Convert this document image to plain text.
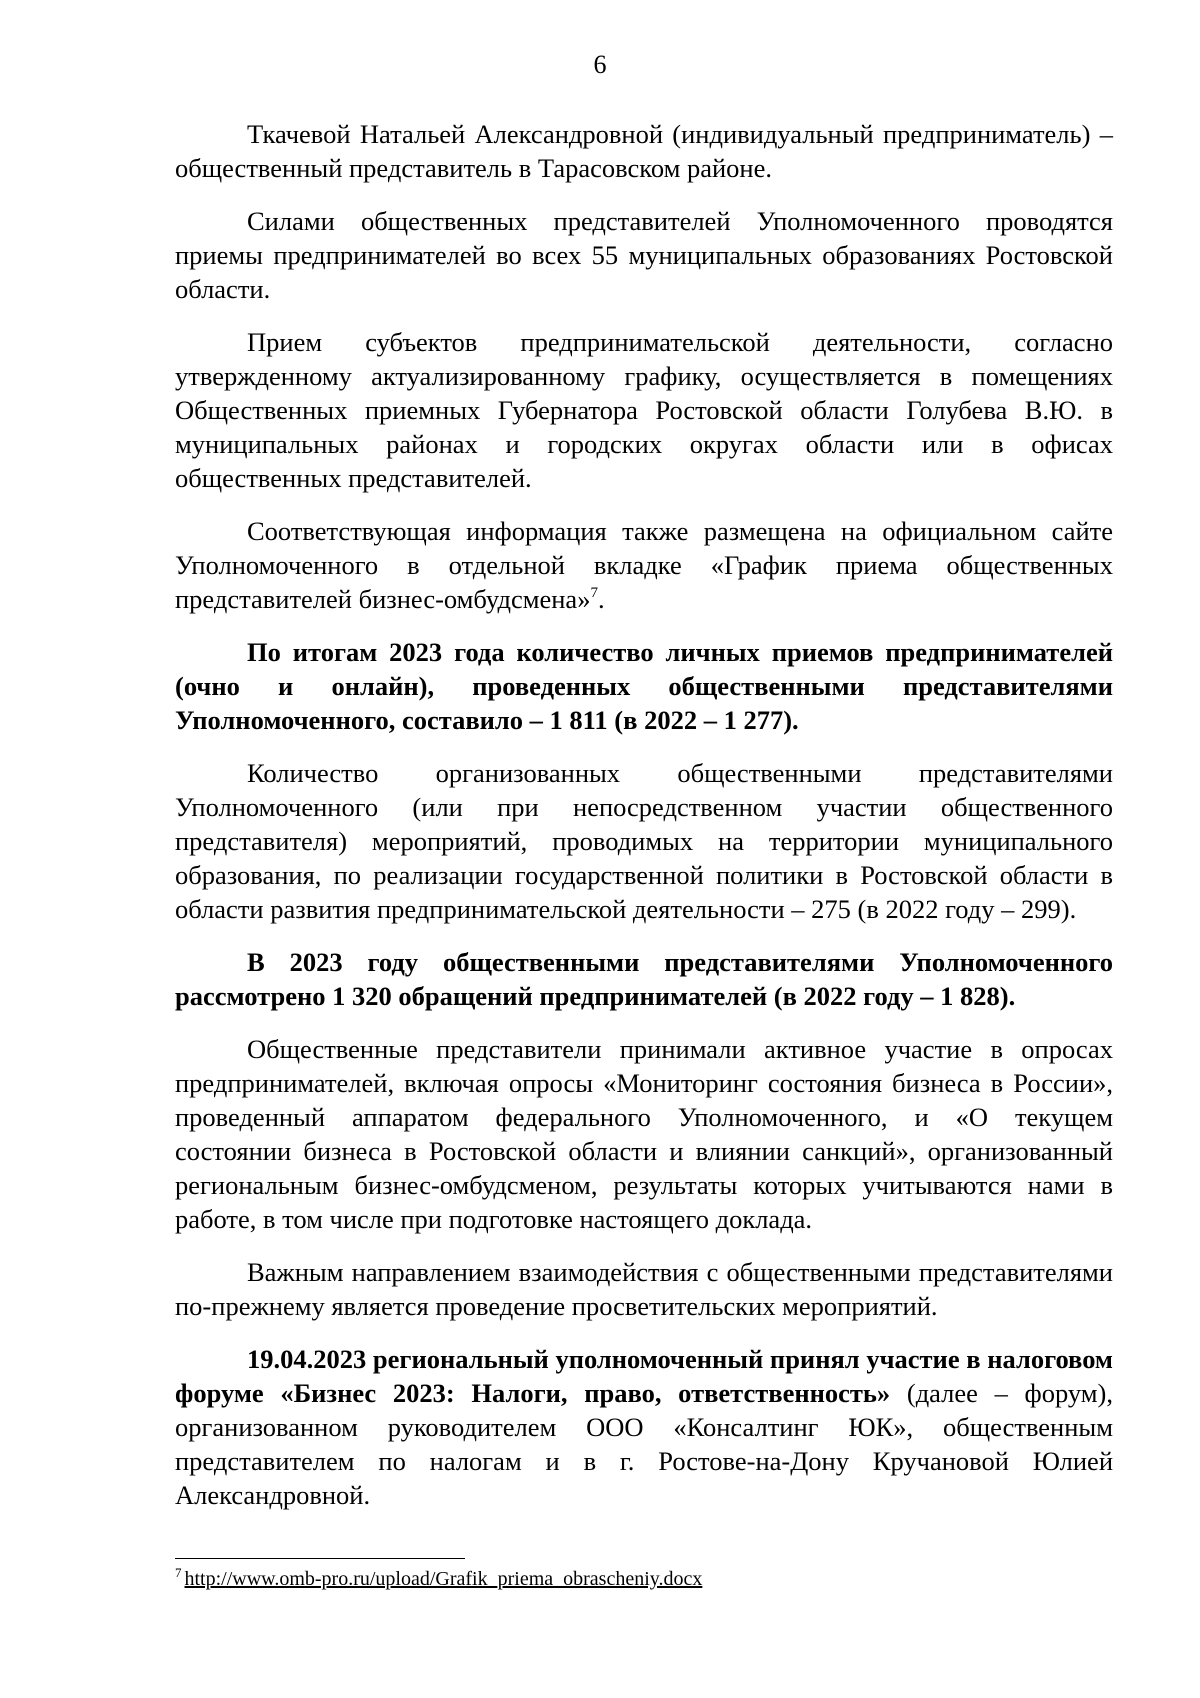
6

Ткачевой Натальей Александровной (индивидуальный предприниматель) – общественный представитель в Тарасовском районе.

Силами общественных представителей Уполномоченного проводятся приемы предпринимателей во всех 55 муниципальных образованиях Ростовской области.

Прием субъектов предпринимательской деятельности, согласно утвержденному актуализированному графику, осуществляется в помещениях Общественных приемных Губернатора Ростовской области Голубева В.Ю. в муниципальных районах и городских округах области или в офисах общественных представителей.

Соответствующая информация также размещена на официальном сайте Уполномоченного в отдельной вкладке «График приема общественных представителей бизнес-омбудсмена»$^7$.

По итогам 2023 года количество личных приемов предпринимателей (очно и онлайн), проведенных общественными представителями Уполномоченного, составило – 1 811 (в 2022 – 1 277).

Количество организованных общественными представителями Уполномоченного (или при непосредственном участии общественного представителя) мероприятий, проводимых на территории муниципального образования, по реализации государственной политики в Ростовской области в области развития предпринимательской деятельности – 275 (в 2022 году – 299).

В 2023 году общественными представителями Уполномоченного рассмотрено 1 320 обращений предпринимателей (в 2022 году – 1 828).

Общественные представители принимали активное участие в опросах предпринимателей, включая опросы «Мониторинг состояния бизнеса в России», проведенный аппаратом федерального Уполномоченного, и «О текущем состоянии бизнеса в Ростовской области и влиянии санкций», организованный региональным бизнес-омбудсменом, результаты которых учитываются нами в работе, в том числе при подготовке настоящего доклада.

Важным направлением взаимодействия с общественными представителями по-прежнему является проведение просветительских мероприятий.

19.04.2023 региональный уполномоченный принял участие в налоговом форуме «Бизнес 2023: Налоги, право, ответственность» (далее – форум), организованном руководителем ООО «Консалтинг ЮК», общественным представителем по налогам и в г. Ростове-на-Дону Кручановой Юлией Александровной.

$^7$ http://www.omb-pro.ru/upload/Grafik_priema_obrascheniy.docx
